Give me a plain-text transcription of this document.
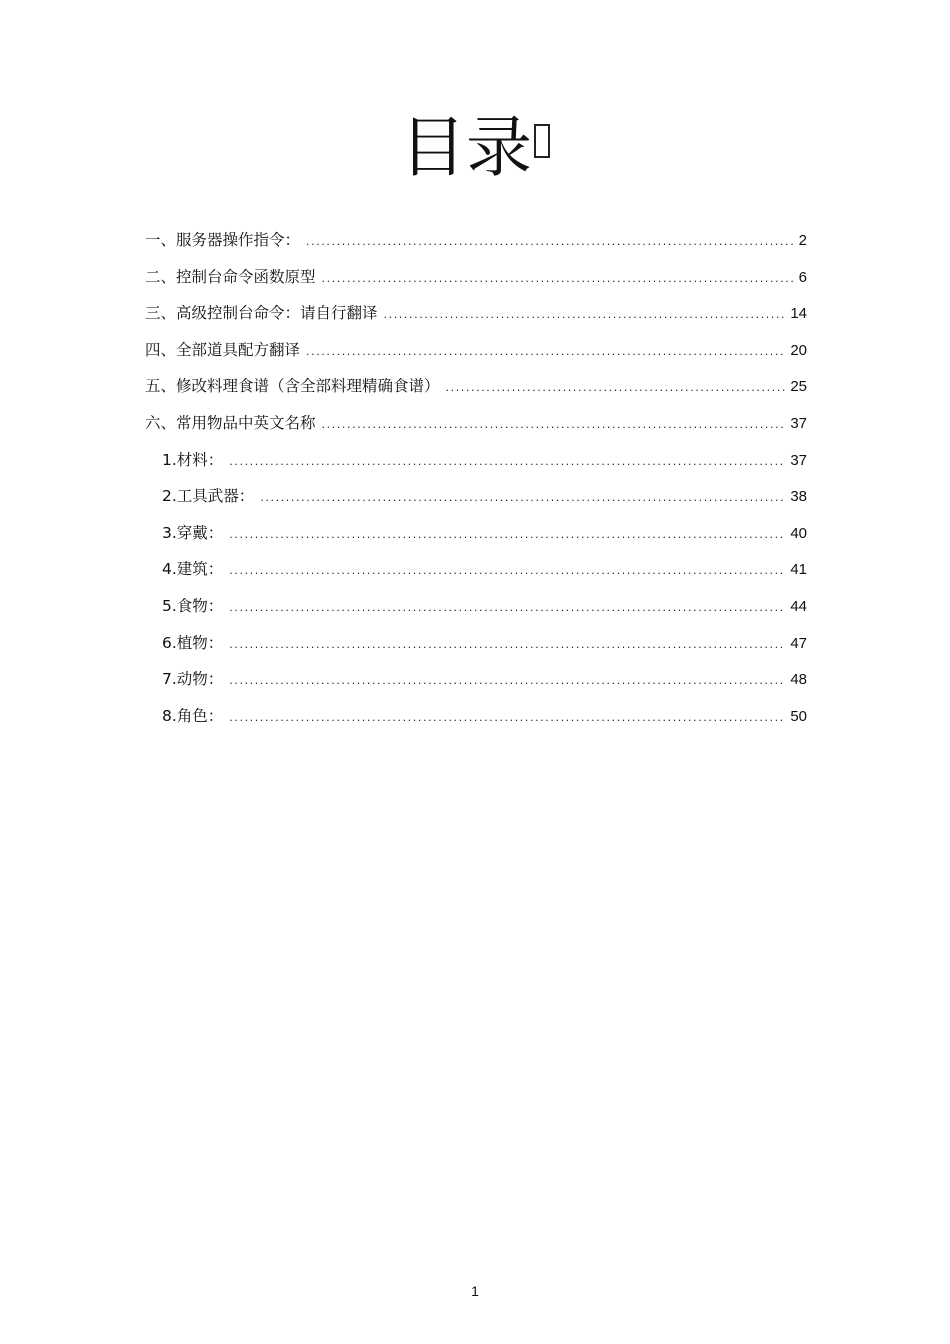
目录
一、服务器操作指令： .....	2
二、控制台命令函数原型 .....	6
三、高级控制台命令：请自行翻译 .....	14
四、全部道具配方翻译 .....	20
五、修改料理食谱（含全部料理精确食谱） .....	25
六、常用物品中英文名称 .....	37
1.材料： .....	37
2.工具武器： .....	38
3.穿戴： .....	40
4.建筑： .....	41
5.食物： .....	44
6.植物： .....	47
7.动物： .....	48
8.角色： .....	50
1
